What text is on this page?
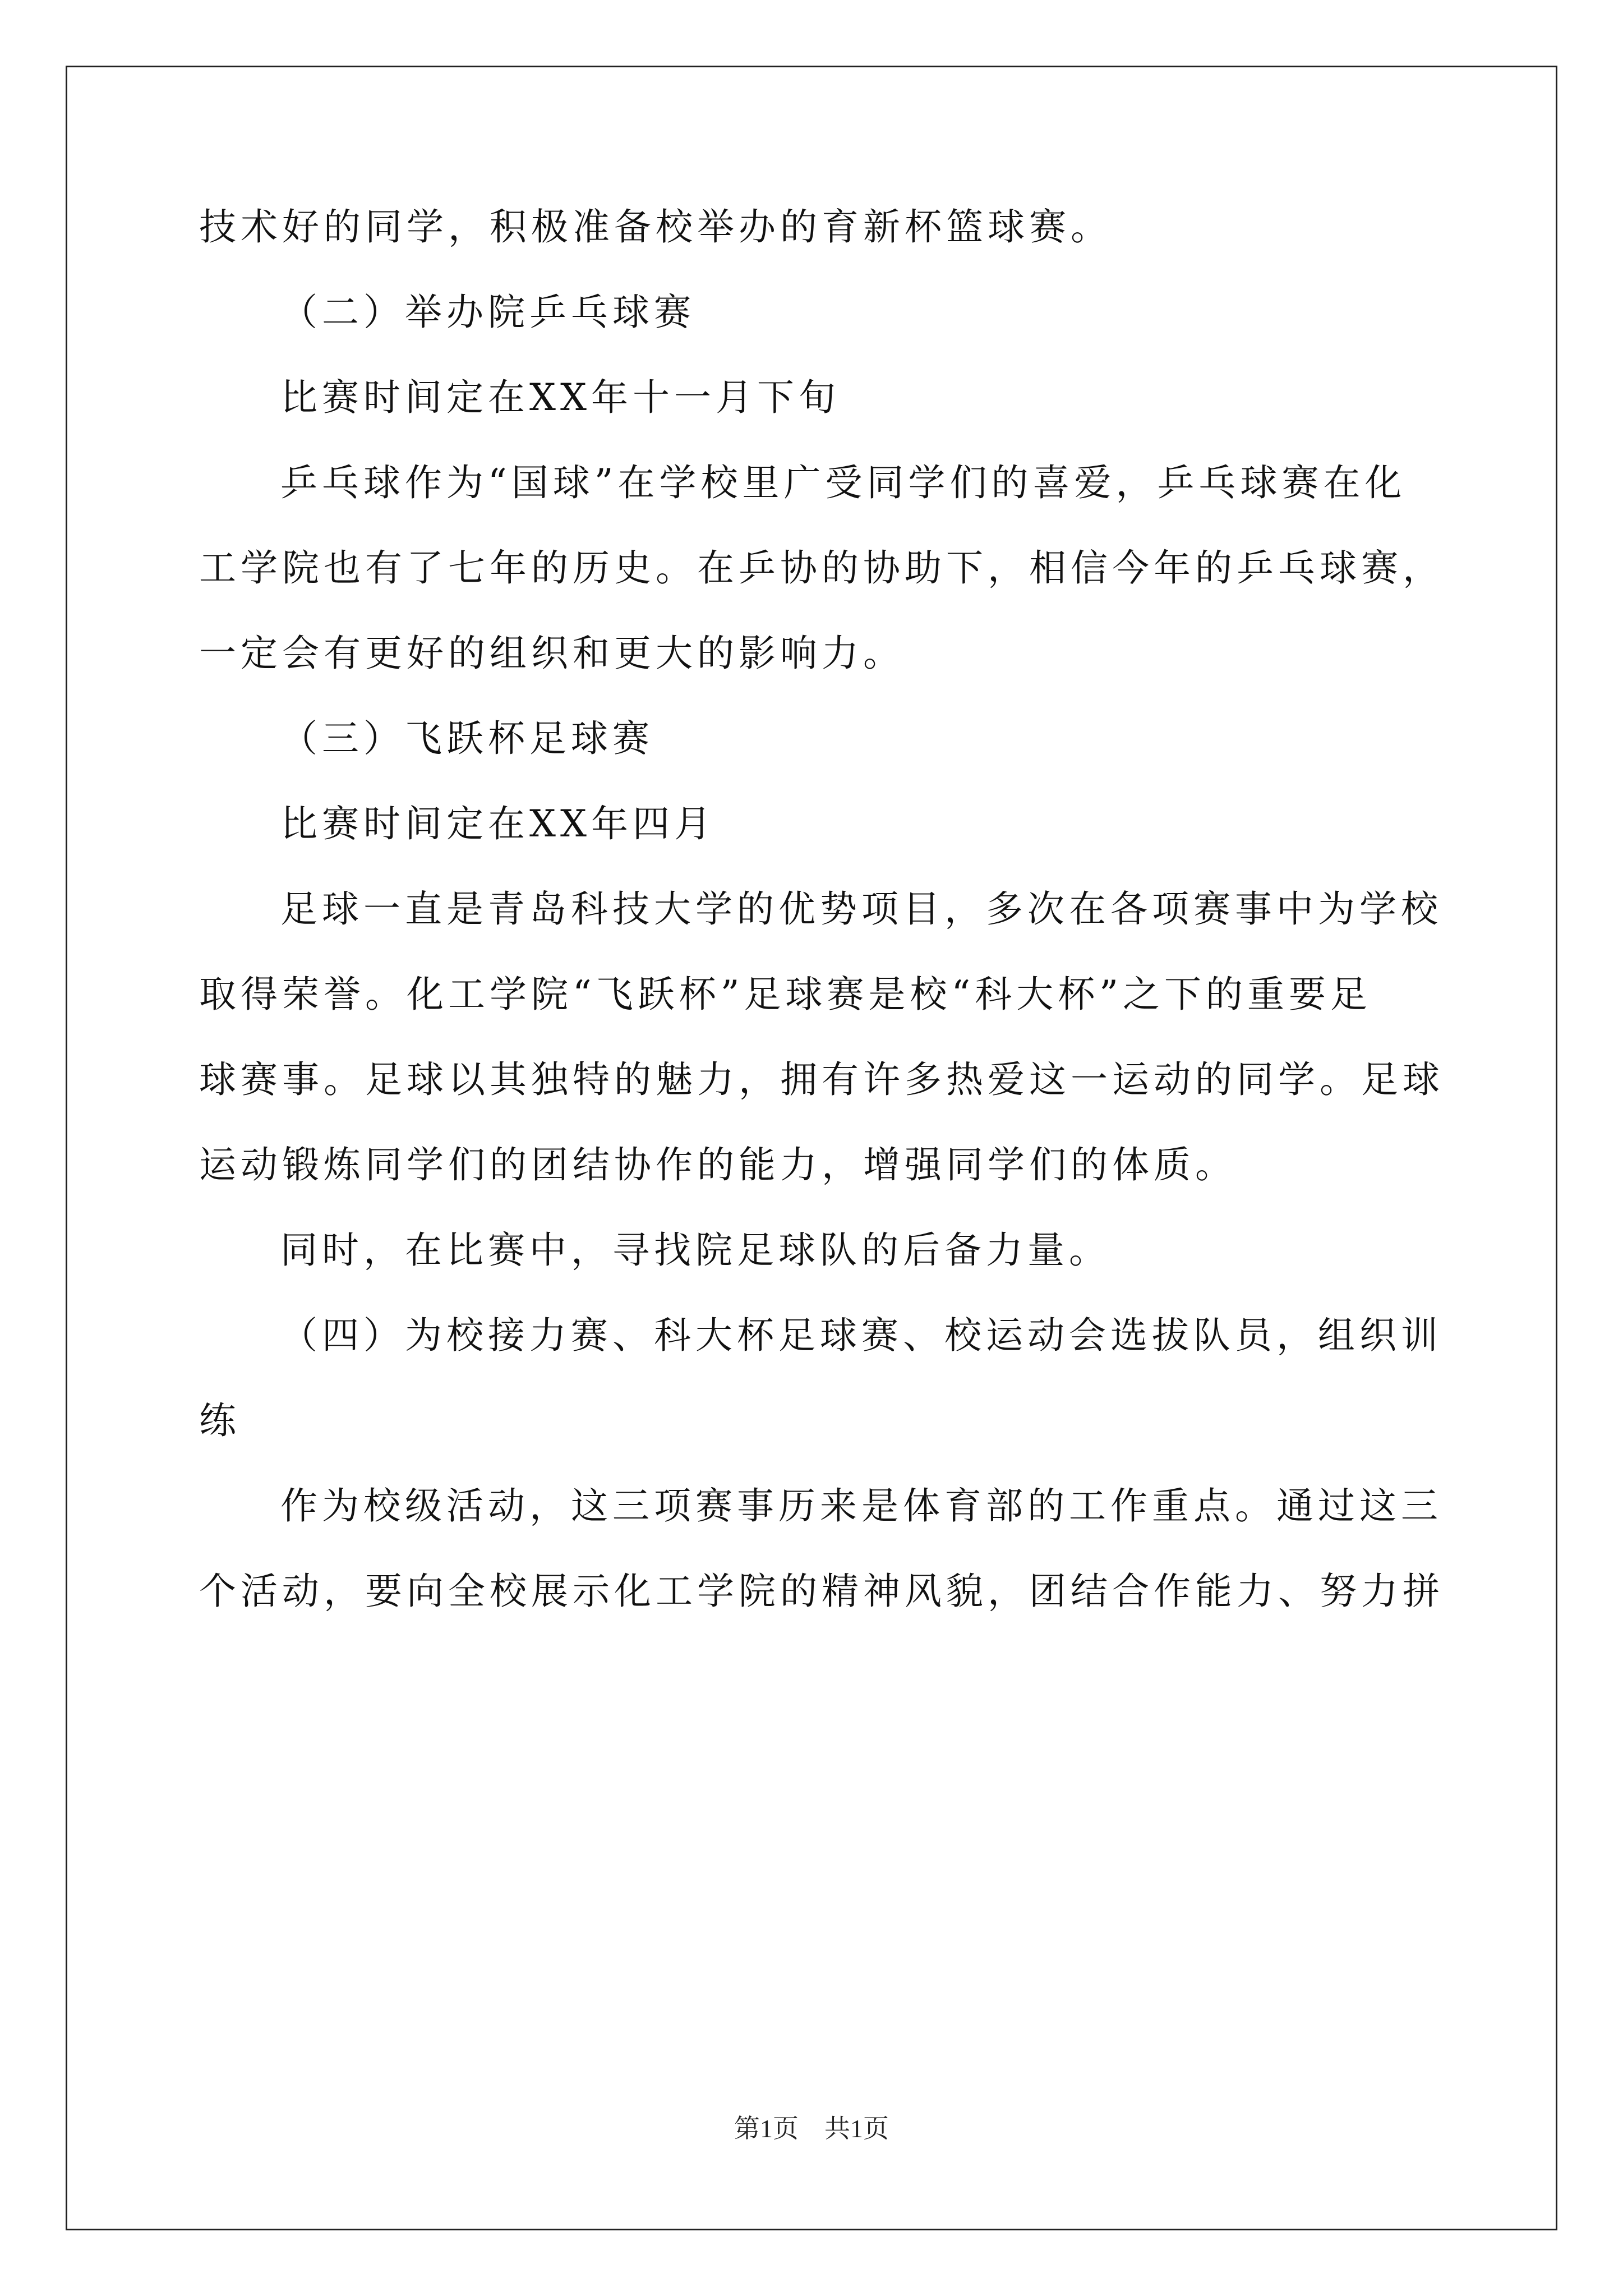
技术好的同学，积极准备校举办的育新杯篮球赛。
（二）举办院乒乓球赛
比赛时间定在XX年十一月下旬
乒乓球作为“国球”在学校里广受同学们的喜爱，乒乓球赛在化
工学院也有了七年的历史。在乒协的协助下，相信今年的乒乓球赛，
一定会有更好的组织和更大的影响力。
（三）飞跃杯足球赛
比赛时间定在XX年四月
足球一直是青岛科技大学的优势项目，多次在各项赛事中为学校
取得荣誉。化工学院“飞跃杯”足球赛是校“科大杯”之下的重要足
球赛事。足球以其独特的魅力，拥有许多热爱这一运动的同学。足球
运动锻炼同学们的团结协作的能力，增强同学们的体质。
同时，在比赛中，寻找院足球队的后备力量。
（四）为校接力赛、科大杯足球赛、校运动会选拔队员，组织训
练
作为校级活动，这三项赛事历来是体育部的工作重点。通过这三
个活动，要向全校展示化工学院的精神风貌，团结合作能力、努力拼
第1页　共1页
